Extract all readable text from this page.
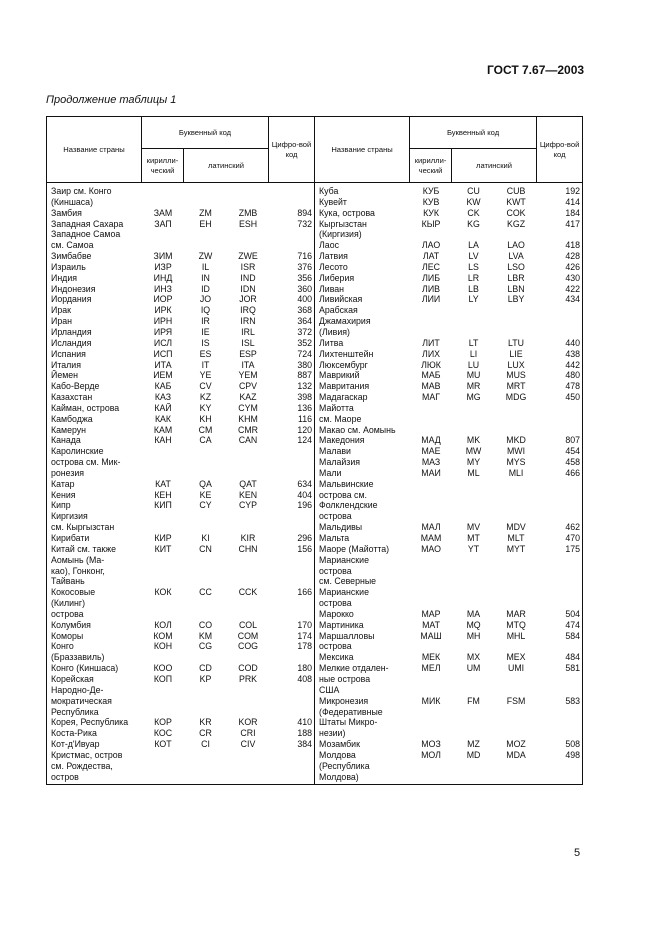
ГОСТ 7.67—2003
Продолжение таблицы 1
Название страны	Буквенный код	Цифро-вой код	Название страны	Буквенный код	Цифро-вой код
кирилли-ческий	латинский	кирилли-ческий	латинский

Заир см. Конго				
(Киншаса)				
Замбия	ЗАМ	ZM	ZMB	894
Западная Сахара	ЗАП	EH	ESH	732
Западное Самоа				
см. Самоа				
Зимбабве	ЗИМ	ZW	ZWE	716
Израиль	ИЗР	IL	ISR	376
Индия	ИНД	IN	IND	356
Индонезия	ИНЗ	ID	IDN	360
Иордания	ИОР	JO	JOR	400
Ирак	ИРК	IQ	IRQ	368
Иран	ИРН	IR	IRN	364
Ирландия	ИРЯ	IE	IRL	372
Исландия	ИСЛ	IS	ISL	352
Испания	ИСП	ES	ESP	724
Италия	ИТА	IT	ITA	380
Йемен	ИЕМ	YE	YEM	887
Кабо-Верде	КАБ	CV	CPV	132
Казахстан	КАЗ	KZ	KAZ	398
Кайман, острова	КАЙ	KY	CYM	136
Камбоджа	КАК	KH	KHM	116
Камерун	КАМ	CM	CMR	120
Канада	КАН	CA	CAN	124
Каролинские				
острова см. Мик-				
ронезия				
Катар	КАТ	QA	QAT	634
Кения	КЕН	KE	KEN	404
Кипр	КИП	CY	CYP	196
Киргизия				
см. Кыргызстан				
Кирибати	КИР	KI	KIR	296
Китай см. также	КИТ	CN	CHN	156
Аомынь (Ма-				
као), Гонконг,				
Тайвань				
Кокосовые	КОК	CC	CCK	166
(Килинг)				
острова				
Колумбия	КОЛ	CO	COL	170
Коморы	КОМ	KM	COM	174
Конго	КОН	CG	COG	178
(Браззавиль)				
Конго (Киншаса)	КОО	CD	COD	180
Корейская	КОП	KP	PRK	408
Народно-Де-				
мократическая				
Республика				
Корея, Республика	КОР	KR	KOR	410
Коста-Рика	КОС	CR	CRI	188
Кот-д'Ивуар	КОТ	CI	CIV	384
Кристмас, остров				
см. Рождества,				
остров				

Куба	КУБ	CU	CUB	192
Кувейт	КУВ	KW	KWT	414
Кука, острова	КУК	CK	COK	184
Кыргызстан	КЫР	KG	KGZ	417
(Киргизия)				
Лаос	ЛАО	LA	LAO	418
Латвия	ЛАТ	LV	LVA	428
Лесото	ЛЕС	LS	LSO	426
Либерия	ЛИБ	LR	LBR	430
Ливан	ЛИВ	LB	LBN	422
Ливийская	ЛИИ	LY	LBY	434
Арабская				
Джамахирия				
(Ливия)				
Литва	ЛИТ	LT	LTU	440
Лихтенштейн	ЛИХ	LI	LIE	438
Люксембург	ЛЮК	LU	LUX	442
Маврикий	МАБ	MU	MUS	480
Мавритания	МАВ	MR	MRT	478
Мадагаскар	МАГ	MG	MDG	450
Майотта				
см. Маоре				
Макао см. Аомынь				
Македония	МАД	MK	MKD	807
Малави	МАЕ	MW	MWI	454
Малайзия	МАЗ	MY	MYS	458
Мали	МАИ	ML	MLI	466
Мальвинские				
острова см.				
Фолклендские				
острова				
Мальдивы	МАЛ	MV	MDV	462
Мальта	МАМ	MT	MLT	470
Маоре (Майотта)	МАО	YT	MYT	175
Марианские				
острова				
см. Северные				
Марианские				
острова				
Марокко	МАР	MA	MAR	504
Мартиника	МАТ	MQ	MTQ	474
Маршалловы	МАШ	MH	MHL	584
острова				
Мексика	МЕК	MX	MEX	484
Мелкие отдален-	МЕЛ	UM	UMI	581
ные острова				
США				
Микронезия	МИК	FM	FSM	583
(Федеративные				
Штаты Микро-				
незии)				
Мозамбик	МОЗ	MZ	MOZ	508
Молдова	МОЛ	MD	MDA	498
(Республика				
Молдова)				
5
